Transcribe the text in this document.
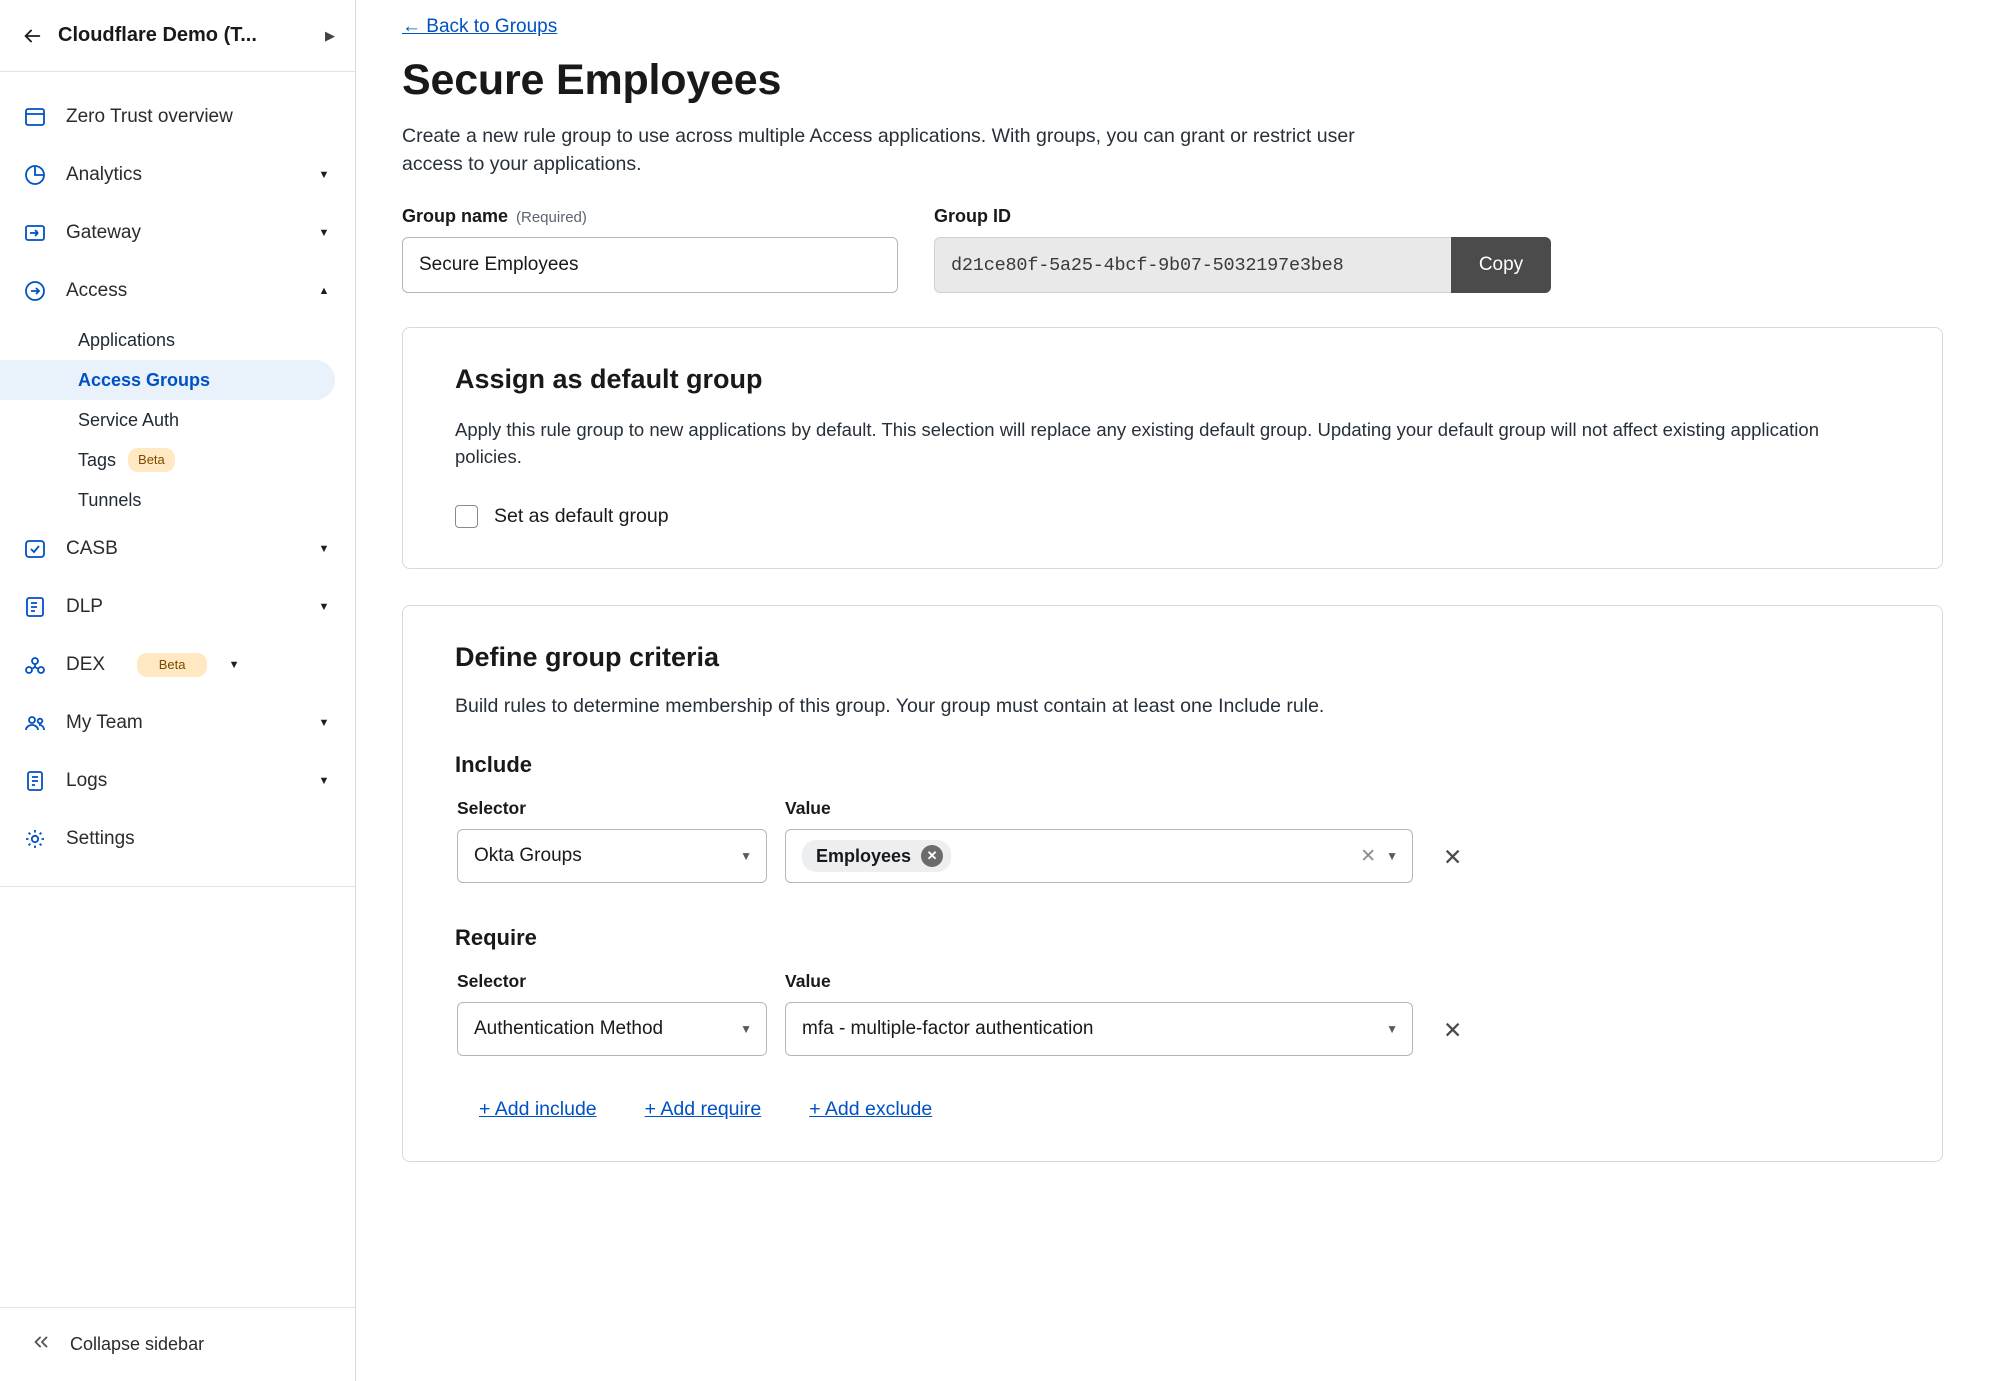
Cloudflare Demo (T...	▶
Zero Trust overview
Analytics	▼
Gateway	▼
Access	▲
Applications
Access Groups
Service Auth
Tags	Beta
Tunnels
CASB	▼
DLP	▼
DEX	Beta	▼
My Team	▼
Logs	▼
Settings
Collapse sidebar
← Back to Groups
Secure Employees

Create a new rule group to use across multiple Access applications. With groups, you can grant or restrict user access to your applications.

Group name (Required)
Secure Employees	Group ID
d21ce80f-5a25-4bcf-9b07-5032197e3be8	Copy
Assign as default group

Apply this rule group to new applications by default. This selection will replace any existing default group. Updating your default group will not affect existing application policies.

Set as default group
Define group criteria

Build rules to determine membership of this group. Your group must contain at least one Include rule.

Include
Selector
Okta Groups	▼
Value
Employees	✕	✕ ▼	✕
Require
Selector
Authentication Method	▼
Value
mfa - multiple-factor authentication	▼	✕
+ Add include + Add require + Add exclude
